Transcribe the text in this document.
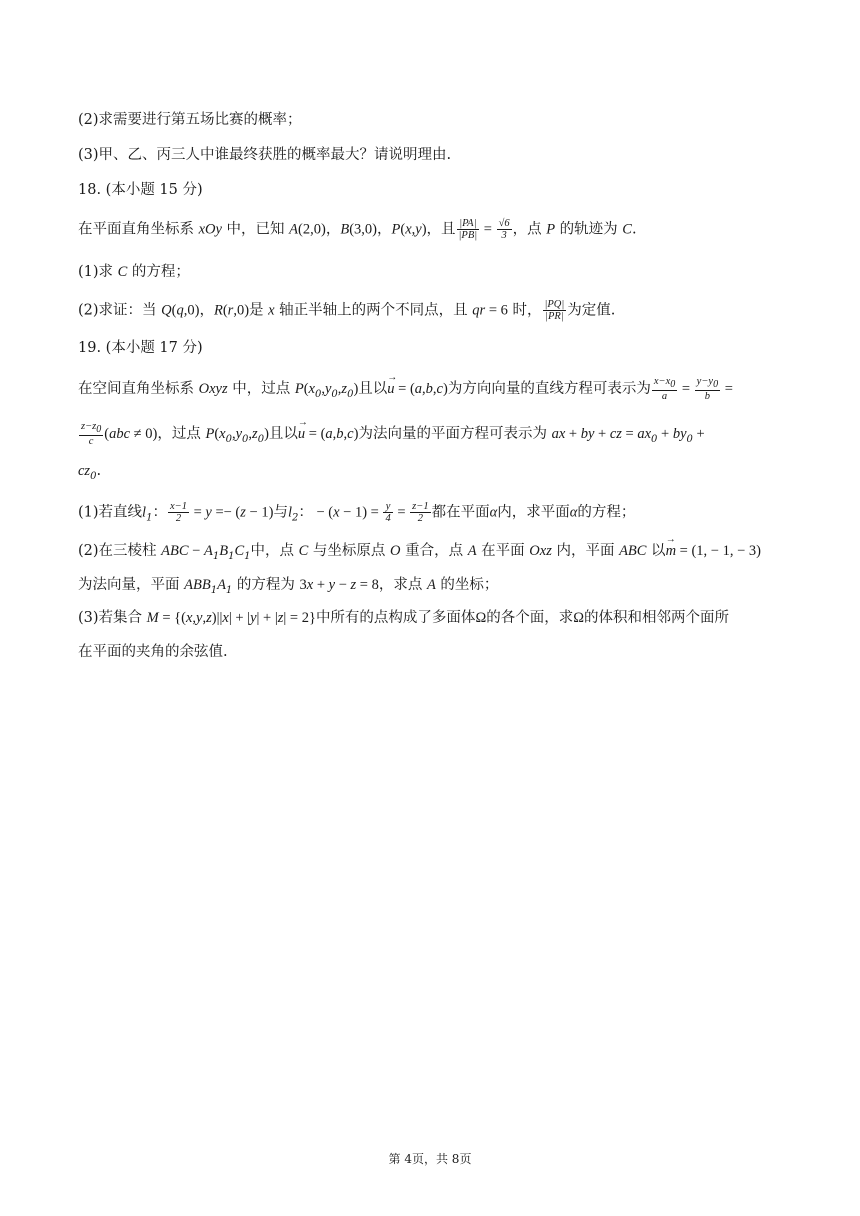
(2)求需要进行第五场比赛的概率；
(3)甲、乙、丙三人中谁最终获胜的概率最大？请说明理由.
18. (本小题 15 分)
在平面直角坐标系 xOy 中，已知 A(2,0)，B(3,0)，P(x,y)，且 $\frac{|PA|}{|PB|} = \frac{√6}{3}$ ，点 P 的轨迹为 C.
(1)求 C 的方程；
(2)求证：当 Q(q,0)，R(r,0)是 x 轴正半轴上的两个不同点，且 qr = 6 时， $\frac{|PQ|}{|PR|}$ 为定值.
19. (本小题 17 分)
在空间直角坐标系 Oxyz 中，过点 $P(x_0,y_0,z_0)$且以→ u = (a,b,c)为方向向量的直线方程可表示为 $\frac{x-x_0}{a} = \frac{y-y_0}{b}$ =
$\frac{z-z_0}{c} (abc \ne 0)$，过点 $P(x_0,y_0,z_0)$且以→ u = (a,b,c)为法向量的平面方程可表示为 ax + by + cz = $ax_0 + by_0$ +
$cz_0$.
(1)若直线$l_1$： $\frac{x-1}{2} = y =- (z - 1)$与$l_2$： − $(x - 1) = \frac{y}{4} = \frac{z-1}{2}$ 都在平面α内，求平面α的方程；
(2)在三棱柱 ABC − $A_1B_1C_1$中，点 C 与坐标原点 O 重合，点 A 在平面 Oxz 内，平面 ABC 以→ m = (1, − 1, − 3)
为法向量，平面 $ABB_1A_1$ 的方程为 3x + y − z = 8，求点 A 的坐标；
(3)若集合 M = {(x,y,z)||x| + |y| + |z| = 2}中所有的点构成了多面体Ω的各个面，求Ω的体积和相邻两个面所
在平面的夹角的余弦值.
第 4页，共 8页
